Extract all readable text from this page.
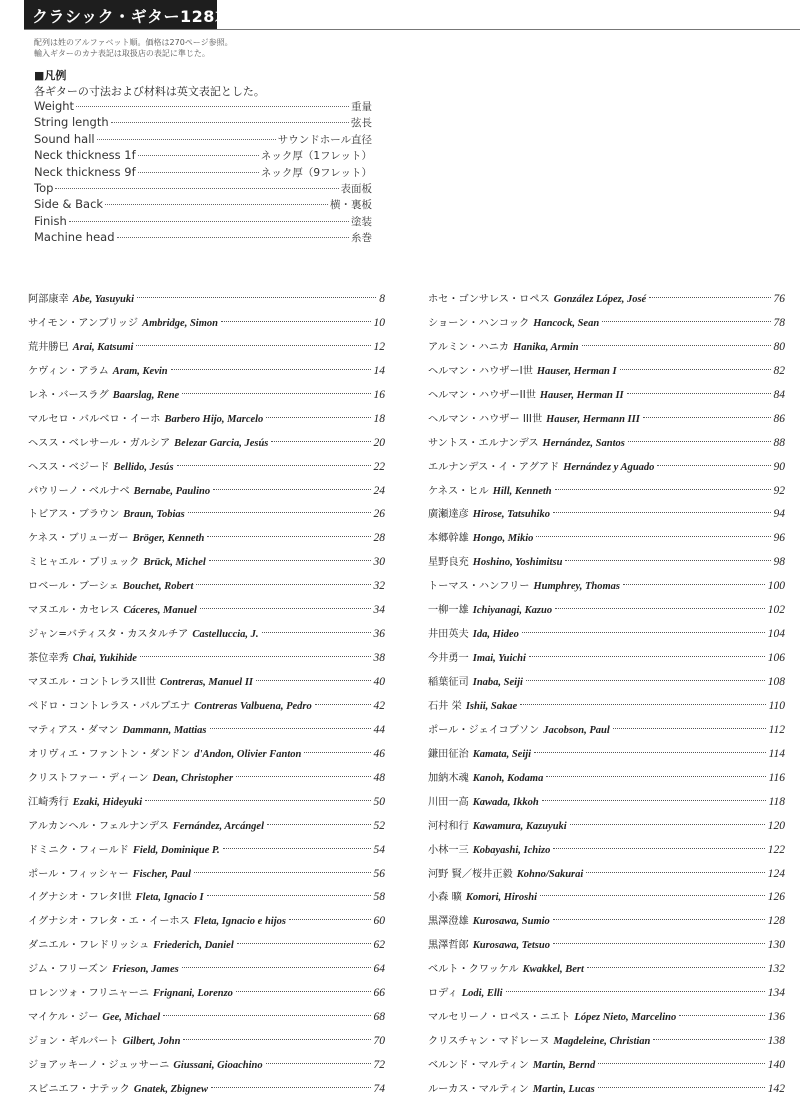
クラシック・ギター128本
配列は姓のアルファベット順。価格は270ページ参照。
輸入ギターのカナ表記は取扱店の表記に準じた。
■凡例
各ギターの寸法および材料は英文表記とした。
Weight	重量
String length	弦長
Sound hall	サウンドホール直径
Neck thickness 1f	ネック厚（1フレット）
Neck thickness 9f	ネック厚（9フレット）
Top	表面板
Side & Back	横・裏板
Finish	塗装
Machine head	糸巻
阿部康幸 Abe, Yasuyuki	8
サイモン・アンブリッジ Ambridge, Simon	10
荒井勝巳 Arai, Katsumi	12
ケヴィン・アラム Aram, Kevin	14
レネ・バースラグ Baarslag, Rene	16
マルセロ・バルベロ・イーホ Barbero Hijo, Marcelo	18
ヘスス・ベレサール・ガルシア Belezar Garcia, Jesús	20
ヘスス・ベジード Bellido, Jesús	22
パウリーノ・ベルナベ Bernabe, Paulino	24
トビアス・ブラウン Braun, Tobias	26
ケネス・ブリューガー Bröger, Kenneth	28
ミヒャエル・ブリュック Brück, Michel	30
ロベール・ブーシェ Bouchet, Robert	32
マヌエル・カセレス Cáceres, Manuel	34
ジャン=バティスタ・カスタルチア Castelluccia, J.	36
茶位幸秀 Chai, Yukihide	38
マヌエル・コントレラスII世 Contreras, Manuel II	40
ペドロ・コントレラス・バルブエナ Contreras Valbuena, Pedro	42
マティアス・ダマン Dammann, Mattias	44
オリヴィエ・ファントン・ダンドン d'Andon, Olivier Fanton	46
クリストファー・ディーン Dean, Christopher	48
江崎秀行 Ezaki, Hideyuki	50
アルカンヘル・フェルナンデス Fernández, Arcángel	52
ドミニク・フィールド Field, Dominique P.	54
ポール・フィッシャー Fischer, Paul	56
イグナシオ・フレタI世 Fleta, Ignacio I	58
イグナシオ・フレタ・エ・イーホス Fleta, Ignacio e hijos	60
ダニエル・フレドリッシュ Friederich, Daniel	62
ジム・フリーズン Frieson, James	64
ロレンツォ・フリニャーニ Frignani, Lorenzo	66
マイケル・ジー Gee, Michael	68
ジョン・ギルバート Gilbert, John	70
ジョアッキーノ・ジュッサーニ Giussani, Gioachino	72
スビニエフ・ナテック Gnatek, Zbignew	74
ホセ・ゴンサレス・ロペス González López, José	76
ショーン・ハンコック Hancock, Sean	78
アルミン・ハニカ Hanika, Armin	80
ヘルマン・ハウザーI世 Hauser, Herman I	82
ヘルマン・ハウザーII世 Hauser, Herman II	84
ヘルマン・ハウザー III世 Hauser, Hermann III	86
サントス・エルナンデス Hernández, Santos	88
エルナンデス・イ・アグアド Hernández y Aguado	90
ケネス・ヒル Hill, Kenneth	92
廣瀬達彦 Hirose, Tatsuhiko	94
本郷幹雄 Hongo, Mikio	96
星野良充 Hoshino, Yoshimitsu	98
トーマス・ハンフリー Humphrey, Thomas	100
一柳一雄 Ichiyanagi, Kazuo	102
井田英夫 Ida, Hideo	104
今井勇一 Imai, Yuichi	106
稲葉征司 Inaba, Seiji	108
石井 栄 Ishii, Sakae	110
ポール・ジェイコブソン Jacobson, Paul	112
鎌田征治 Kamata, Seiji	114
加納木魂 Kanoh, Kodama	116
川田一高 Kawada, Ikkoh	118
河村和行 Kawamura, Kazuyuki	120
小林一三 Kobayashi, Ichizo	122
河野 賢／桜井正毅 Kohno/Sakurai	124
小森 曠 Komori, Hiroshi	126
黒澤澄雄 Kurosawa, Sumio	128
黒澤哲郎 Kurosawa, Tetsuo	130
ベルト・クワッケル Kwakkel, Bert	132
ロディ Lodi, Elli	134
マルセリーノ・ロペス・ニエト López Nieto, Marcelino	136
クリスチャン・マドレーヌ Magdeleine, Christian	138
ベルンド・マルティン Martin, Bernd	140
ルーカス・マルティン Martin, Lucas	142
